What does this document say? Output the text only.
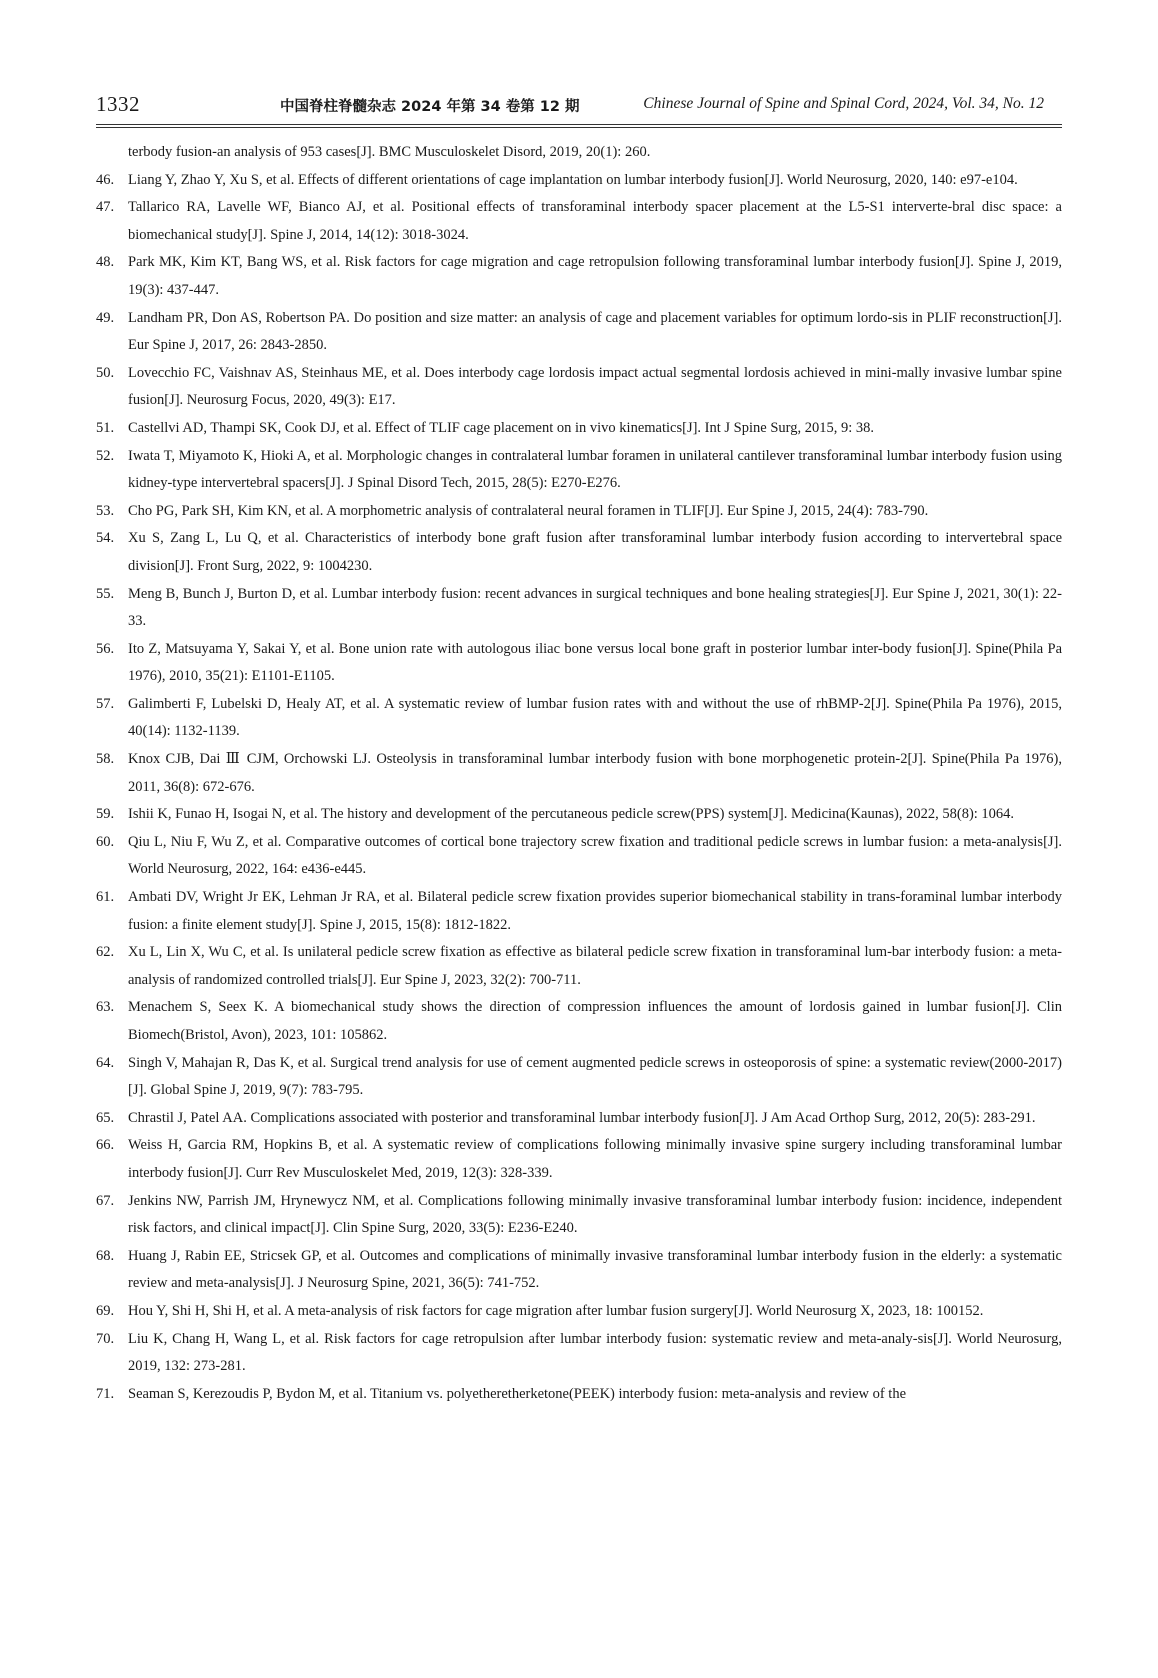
1332	中国脊柱脊髓杂志 2024 年第 34 卷第 12 期	Chinese Journal of Spine and Spinal Cord, 2024, Vol. 34, No. 12
terbody fusion-an analysis of 953 cases[J]. BMC Musculoskelet Disord, 2019, 20(1): 260.
46. Liang Y, Zhao Y, Xu S, et al. Effects of different orientations of cage implantation on lumbar interbody fusion[J]. World Neurosurg, 2020, 140: e97-e104.
47. Tallarico RA, Lavelle WF, Bianco AJ, et al. Positional effects of transforaminal interbody spacer placement at the L5-S1 interverte-bral disc space: a biomechanical study[J]. Spine J, 2014, 14(12): 3018-3024.
48. Park MK, Kim KT, Bang WS, et al. Risk factors for cage migration and cage retropulsion following transforaminal lumbar interbody fusion[J]. Spine J, 2019, 19(3): 437-447.
49. Landham PR, Don AS, Robertson PA. Do position and size matter: an analysis of cage and placement variables for optimum lordo-sis in PLIF reconstruction[J]. Eur Spine J, 2017, 26: 2843-2850.
50. Lovecchio FC, Vaishnav AS, Steinhaus ME, et al. Does interbody cage lordosis impact actual segmental lordosis achieved in mini-mally invasive lumbar spine fusion[J]. Neurosurg Focus, 2020, 49(3): E17.
51. Castellvi AD, Thampi SK, Cook DJ, et al. Effect of TLIF cage placement on in vivo kinematics[J]. Int J Spine Surg, 2015, 9: 38.
52. Iwata T, Miyamoto K, Hioki A, et al. Morphologic changes in contralateral lumbar foramen in unilateral cantilever transforaminal lumbar interbody fusion using kidney-type intervertebral spacers[J]. J Spinal Disord Tech, 2015, 28(5): E270-E276.
53. Cho PG, Park SH, Kim KN, et al. A morphometric analysis of contralateral neural foramen in TLIF[J]. Eur Spine J, 2015, 24(4): 783-790.
54. Xu S, Zang L, Lu Q, et al. Characteristics of interbody bone graft fusion after transforaminal lumbar interbody fusion according to intervertebral space division[J]. Front Surg, 2022, 9: 1004230.
55. Meng B, Bunch J, Burton D, et al. Lumbar interbody fusion: recent advances in surgical techniques and bone healing strategies[J]. Eur Spine J, 2021, 30(1): 22-33.
56. Ito Z, Matsuyama Y, Sakai Y, et al. Bone union rate with autologous iliac bone versus local bone graft in posterior lumbar inter-body fusion[J]. Spine(Phila Pa 1976), 2010, 35(21): E1101-E1105.
57. Galimberti F, Lubelski D, Healy AT, et al. A systematic review of lumbar fusion rates with and without the use of rhBMP-2[J]. Spine(Phila Pa 1976), 2015, 40(14): 1132-1139.
58. Knox CJB, Dai Ⅲ CJM, Orchowski LJ. Osteolysis in transforaminal lumbar interbody fusion with bone morphogenetic protein-2[J]. Spine(Phila Pa 1976), 2011, 36(8): 672-676.
59. Ishii K, Funao H, Isogai N, et al. The history and development of the percutaneous pedicle screw(PPS) system[J]. Medicina(Kaunas), 2022, 58(8): 1064.
60. Qiu L, Niu F, Wu Z, et al. Comparative outcomes of cortical bone trajectory screw fixation and traditional pedicle screws in lumbar fusion: a meta-analysis[J]. World Neurosurg, 2022, 164: e436-e445.
61. Ambati DV, Wright Jr EK, Lehman Jr RA, et al. Bilateral pedicle screw fixation provides superior biomechanical stability in trans-foraminal lumbar interbody fusion: a finite element study[J]. Spine J, 2015, 15(8): 1812-1822.
62. Xu L, Lin X, Wu C, et al. Is unilateral pedicle screw fixation as effective as bilateral pedicle screw fixation in transforaminal lum-bar interbody fusion: a meta-analysis of randomized controlled trials[J]. Eur Spine J, 2023, 32(2): 700-711.
63. Menachem S, Seex K. A biomechanical study shows the direction of compression influences the amount of lordosis gained in lumbar fusion[J]. Clin Biomech(Bristol, Avon), 2023, 101: 105862.
64. Singh V, Mahajan R, Das K, et al. Surgical trend analysis for use of cement augmented pedicle screws in osteoporosis of spine: a systematic review(2000-2017)[J]. Global Spine J, 2019, 9(7): 783-795.
65. Chrastil J, Patel AA. Complications associated with posterior and transforaminal lumbar interbody fusion[J]. J Am Acad Orthop Surg, 2012, 20(5): 283-291.
66. Weiss H, Garcia RM, Hopkins B, et al. A systematic review of complications following minimally invasive spine surgery including transforaminal lumbar interbody fusion[J]. Curr Rev Musculoskelet Med, 2019, 12(3): 328-339.
67. Jenkins NW, Parrish JM, Hrynewycz NM, et al. Complications following minimally invasive transforaminal lumbar interbody fusion: incidence, independent risk factors, and clinical impact[J]. Clin Spine Surg, 2020, 33(5): E236-E240.
68. Huang J, Rabin EE, Stricsek GP, et al. Outcomes and complications of minimally invasive transforaminal lumbar interbody fusion in the elderly: a systematic review and meta-analysis[J]. J Neurosurg Spine, 2021, 36(5): 741-752.
69. Hou Y, Shi H, Shi H, et al. A meta-analysis of risk factors for cage migration after lumbar fusion surgery[J]. World Neurosurg X, 2023, 18: 100152.
70. Liu K, Chang H, Wang L, et al. Risk factors for cage retropulsion after lumbar interbody fusion: systematic review and meta-analy-sis[J]. World Neurosurg, 2019, 132: 273-281.
71. Seaman S, Kerezoudis P, Bydon M, et al. Titanium vs. polyetheretherketone(PEEK) interbody fusion: meta-analysis and review of the
